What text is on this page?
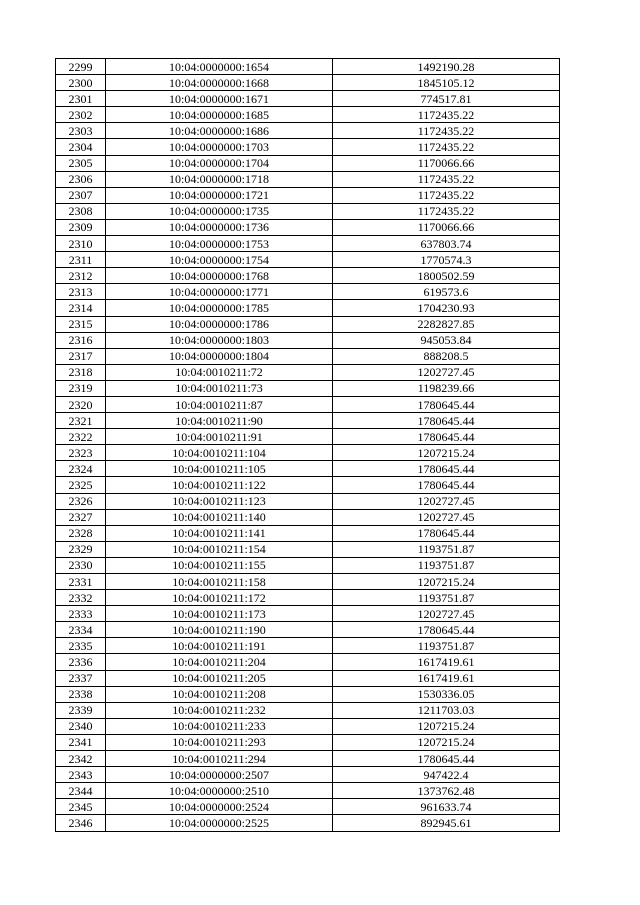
2299	10:04:0000000:1654	1492190.28
2300	10:04:0000000:1668	1845105.12
2301	10:04:0000000:1671	774517.81
2302	10:04:0000000:1685	1172435.22
2303	10:04:0000000:1686	1172435.22
2304	10:04:0000000:1703	1172435.22
2305	10:04:0000000:1704	1170066.66
2306	10:04:0000000:1718	1172435.22
2307	10:04:0000000:1721	1172435.22
2308	10:04:0000000:1735	1172435.22
2309	10:04:0000000:1736	1170066.66
2310	10:04:0000000:1753	637803.74
2311	10:04:0000000:1754	1770574.3
2312	10:04:0000000:1768	1800502.59
2313	10:04:0000000:1771	619573.6
2314	10:04:0000000:1785	1704230.93
2315	10:04:0000000:1786	2282827.85
2316	10:04:0000000:1803	945053.84
2317	10:04:0000000:1804	888208.5
2318	10:04:0010211:72	1202727.45
2319	10:04:0010211:73	1198239.66
2320	10:04:0010211:87	1780645.44
2321	10:04:0010211:90	1780645.44
2322	10:04:0010211:91	1780645.44
2323	10:04:0010211:104	1207215.24
2324	10:04:0010211:105	1780645.44
2325	10:04:0010211:122	1780645.44
2326	10:04:0010211:123	1202727.45
2327	10:04:0010211:140	1202727.45
2328	10:04:0010211:141	1780645.44
2329	10:04:0010211:154	1193751.87
2330	10:04:0010211:155	1193751.87
2331	10:04:0010211:158	1207215.24
2332	10:04:0010211:172	1193751.87
2333	10:04:0010211:173	1202727.45
2334	10:04:0010211:190	1780645.44
2335	10:04:0010211:191	1193751.87
2336	10:04:0010211:204	1617419.61
2337	10:04:0010211:205	1617419.61
2338	10:04:0010211:208	1530336.05
2339	10:04:0010211:232	1211703.03
2340	10:04:0010211:233	1207215.24
2341	10:04:0010211:293	1207215.24
2342	10:04:0010211:294	1780645.44
2343	10:04:0000000:2507	947422.4
2344	10:04:0000000:2510	1373762.48
2345	10:04:0000000:2524	961633.74
2346	10:04:0000000:2525	892945.61
